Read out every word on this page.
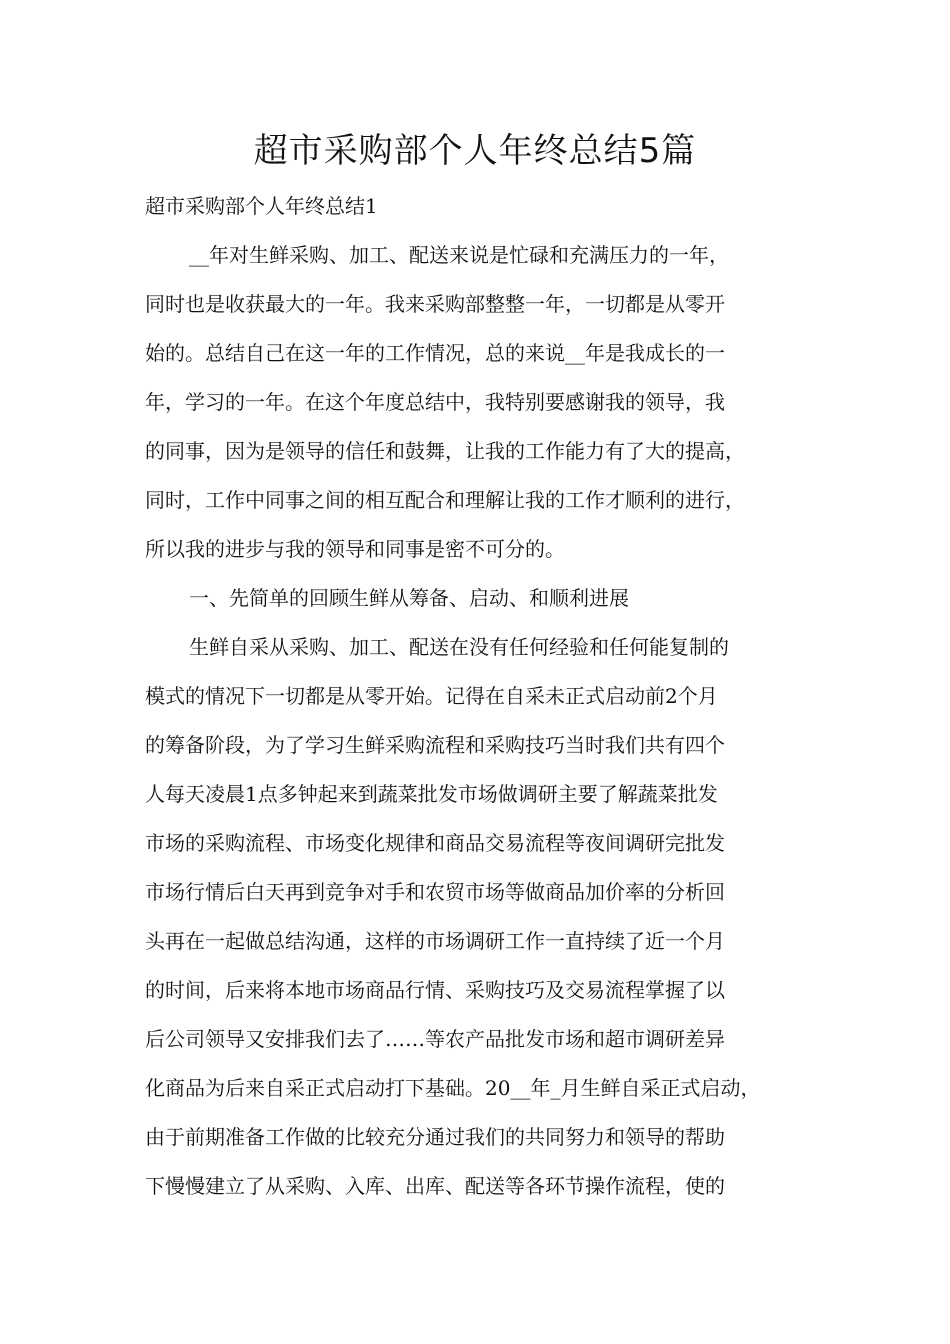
超市采购部个人年终总结5篇
超市采购部个人年终总结1
__年对生鲜采购、加工、配送来说是忙碌和充满压力的一年，
同时也是收获最大的一年。我来采购部整整一年，一切都是从零开
始的。总结自己在这一年的工作情况，总的来说__年是我成长的一
年，学习的一年。在这个年度总结中，我特别要感谢我的领导，我
的同事，因为是领导的信任和鼓舞，让我的工作能力有了大的提高，
同时，工作中同事之间的相互配合和理解让我的工作才顺利的进行，
所以我的进步与我的领导和同事是密不可分的。
一、先简单的回顾生鲜从筹备、启动、和顺利进展
生鲜自采从采购、加工、配送在没有任何经验和任何能复制的
模式的情况下一切都是从零开始。记得在自采未正式启动前2个月
的筹备阶段，为了学习生鲜采购流程和采购技巧当时我们共有四个
人每天凌晨1点多钟起来到蔬菜批发市场做调研主要了解蔬菜批发
市场的采购流程、市场变化规律和商品交易流程等夜间调研完批发
市场行情后白天再到竞争对手和农贸市场等做商品加价率的分析回
头再在一起做总结沟通，这样的市场调研工作一直持续了近一个月
的时间，后来将本地市场商品行情、采购技巧及交易流程掌握了以
后公司领导又安排我们去了……等农产品批发市场和超市调研差异
化商品为后来自采正式启动打下基础。20__年_月生鲜自采正式启动，
由于前期准备工作做的比较充分通过我们的共同努力和领导的帮助
下慢慢建立了从采购、入库、出库、配送等各环节操作流程，使的
